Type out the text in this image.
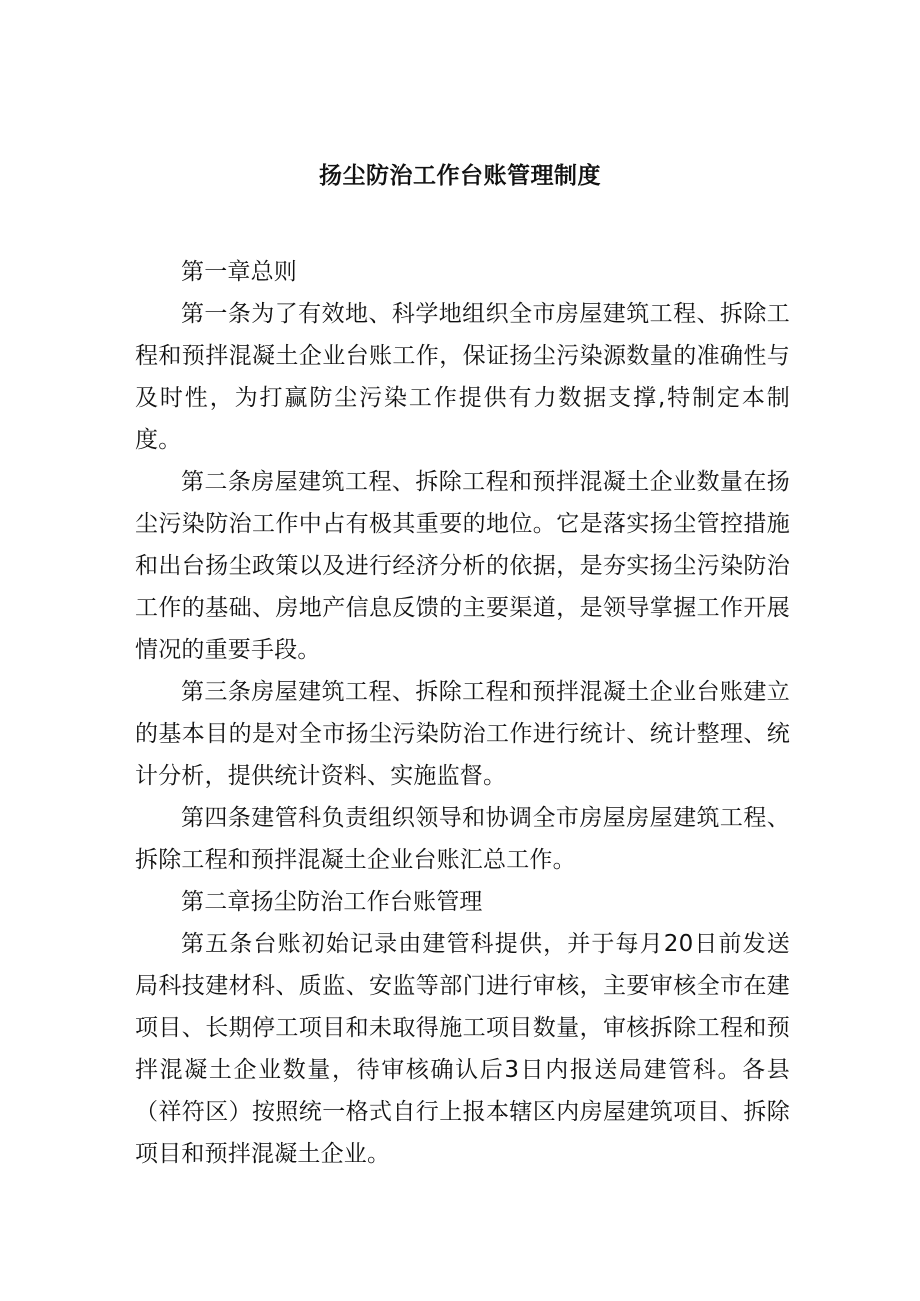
扬尘防治工作台账管理制度

第一章总则

第一条为了有效地、科学地组织全市房屋建筑工程、拆除工程和预拌混凝土企业台账工作，保证扬尘污染源数量的准确性与及时性，为打赢防尘污染工作提供有力数据支撑,特制定本制度。

第二条房屋建筑工程、拆除工程和预拌混凝土企业数量在扬尘污染防治工作中占有极其重要的地位。它是落实扬尘管控措施和出台扬尘政策以及进行经济分析的依据，是夯实扬尘污染防治工作的基础、房地产信息反馈的主要渠道，是领导掌握工作开展情况的重要手段。

第三条房屋建筑工程、拆除工程和预拌混凝土企业台账建立的基本目的是对全市扬尘污染防治工作进行统计、统计整理、统计分析，提供统计资料、实施监督。

第四条建管科负责组织领导和协调全市房屋房屋建筑工程、拆除工程和预拌混凝土企业台账汇总工作。

第二章扬尘防治工作台账管理

第五条台账初始记录由建管科提供，并于每月20日前发送局科技建材科、质监、安监等部门进行审核，主要审核全市在建项目、长期停工项目和未取得施工项目数量，审核拆除工程和预拌混凝土企业数量，待审核确认后3日内报送局建管科。各县（祥符区）按照统一格式自行上报本辖区内房屋建筑项目、拆除项目和预拌混凝土企业。
